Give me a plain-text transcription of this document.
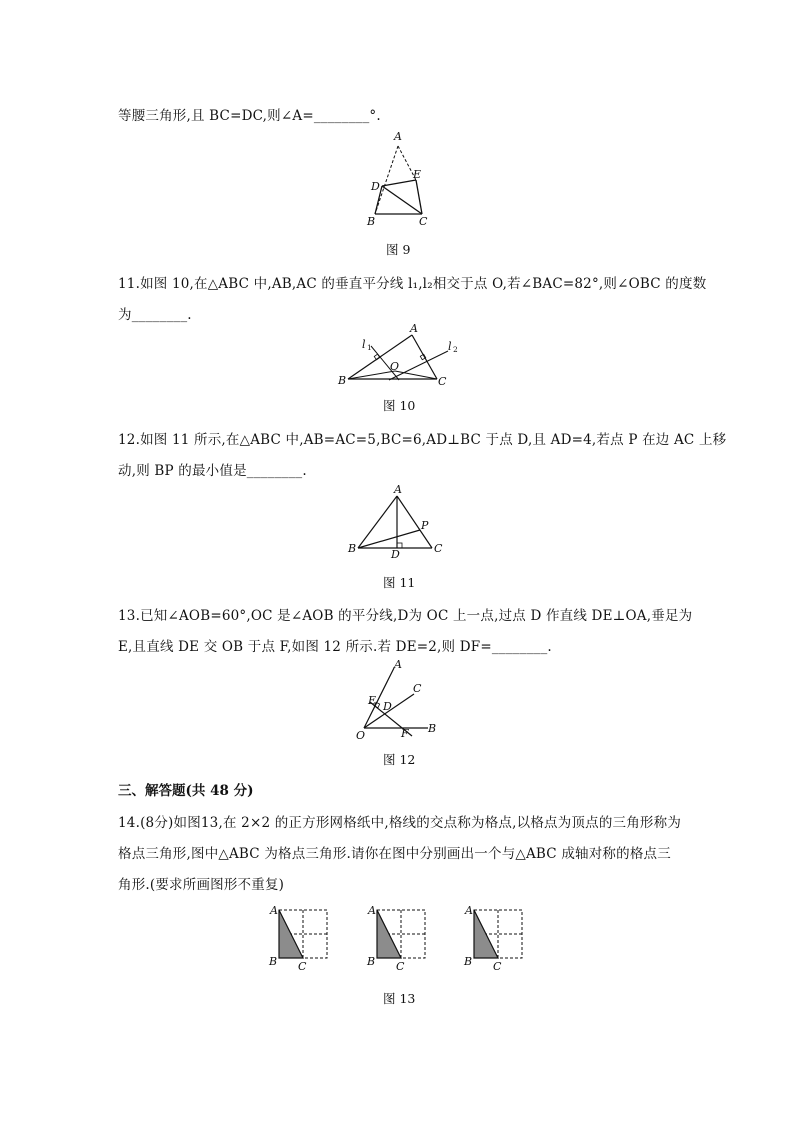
等腰三角形,且 BC=DC,则∠A=________°.
A
D
E
B	C
图 9
11.如图 10,在△ABC 中,AB,AC 的垂直平分线 l₁,l₂相交于点 O,若∠BAC=82°,则∠OBC 的度数
为________.
A
l 1	l 2
O
B	C
图 10
12.如图 11 所示,在△ABC 中,AB=AC=5,BC=6,AD⊥BC 于点 D,且 AD=4,若点 P 在边 AC 上移
动,则 BP 的最小值是________.
A
P
B	D	C
图 11
13.已知∠AOB=60°,OC 是∠AOB 的平分线,D为 OC 上一点,过点 D 作直线 DE⊥OA,垂足为
E,且直线 DE 交 OB 于点 F,如图 12 所示.若 DE=2,则 DF=________.
A
C
E D
O	F B
图 12
三、解答题(共 48 分)
14.(8分)如图13,在 2×2 的正方形网格纸中,格线的交点称为格点,以格点为顶点的三角形称为
格点三角形,图中△ABC 为格点三角形.请你在图中分别画出一个与△ABC 成轴对称的格点三
角形.(要求所画图形不重复)
A
B C
A
B C
A
B C
图 13
